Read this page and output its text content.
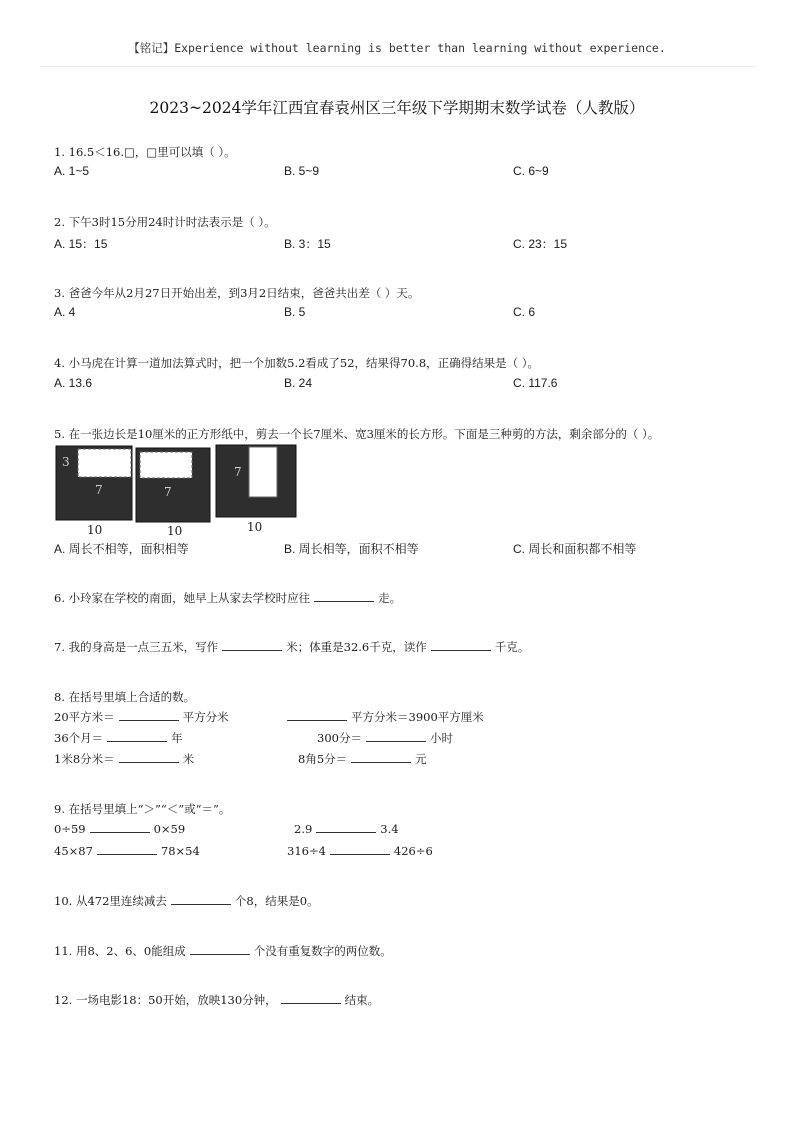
【铭记】Experience without learning is better than learning without experience.
2023~2024学年江西宜春袁州区三年级下学期期末数学试卷（人教版）
1. 16.5＜16.□，□里可以填（ ）。
A. 1~5	B. 5~9	C. 6~9
2. 下午3时15分用24时计时法表示是（ ）。
A. 15：15	B. 3：15	C. 23：15
3. 爸爸今年从2月27日开始出差，到3月2日结束，爸爸共出差（ ）天。
A. 4	B. 5	C. 6
4. 小马虎在计算一道加法算式时，把一个加数5.2看成了52，结果得70.8，正确得结果是（ ）。
A. 13.6	B. 24	C. 117.6
5. 在一张边长是10厘米的正方形纸中，剪去一个长7厘米、宽3厘米的长方形。下面是三种剪的方法，剩余部分的（ ）。
3
7
10
7
10
7
10
A. 周长不相等，面积相等	B. 周长相等，面积不相等	C. 周长和面积都不相等
6. 小玲家在学校的南面，她早上从家去学校时应往	走。
7. 我的身高是一点三五米，写作	米；体重是32.6千克，读作	千克。
8. 在括号里填上合适的数。
20平方米＝	平方分米	平方分米＝3900平方厘米
36个月＝	年	300分＝	小时
1米8分米＝	米	8角5分＝	元
9. 在括号里填上“＞”“＜”或“＝”。
0÷59	0×59	2.9	3.4
45×87	78×54	316÷4	426÷6
10. 从472里连续减去	个8，结果是0。
11. 用8、2、6、0能组成	个没有重复数字的两位数。
12. 一场电影18：50开始，放映130分钟，	结束。
